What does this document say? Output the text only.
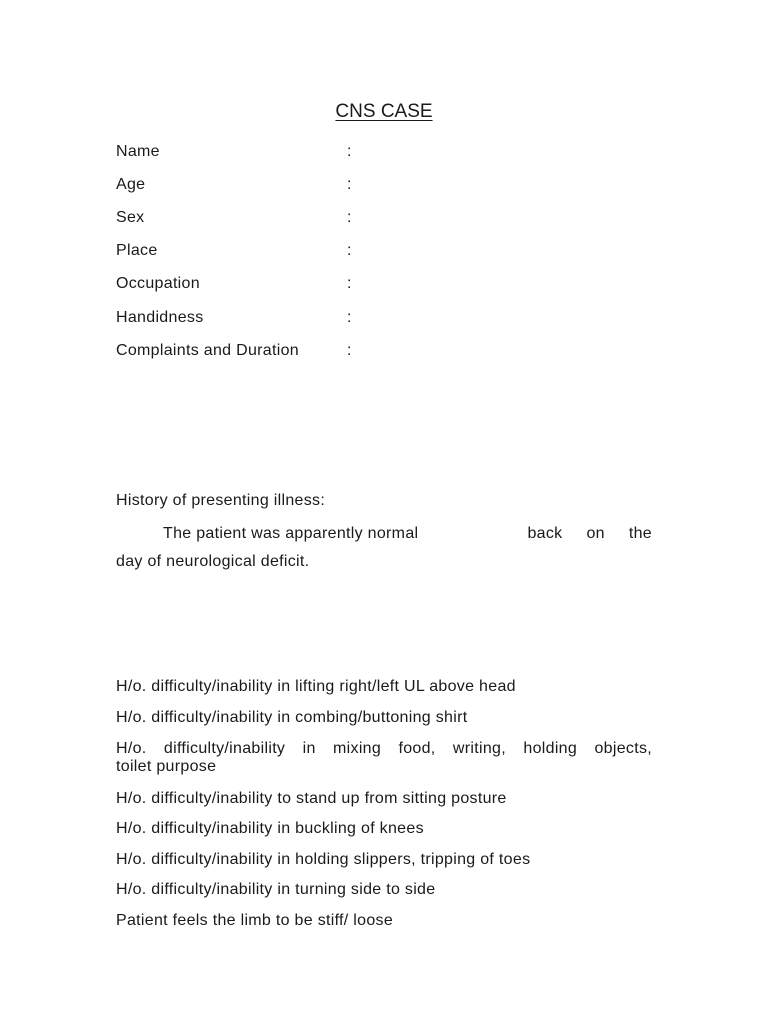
CNS CASE
Name	:
Age	:
Sex	:
Place	:
Occupation	:
Handidness	:
Complaints and Duration	:
History of presenting illness:
The patient was apparently normal	back on the
day of neurological deficit.
H/o. difficulty/inability in lifting right/left UL above head
H/o. difficulty/inability in combing/buttoning shirt
H/o. difficulty/inability in mixing food, writing, holding objects,
toilet purpose
H/o. difficulty/inability to stand up from sitting posture
H/o. difficulty/inability in buckling of knees
H/o. difficulty/inability in holding slippers, tripping of toes
H/o. difficulty/inability in turning side to side
Patient feels the limb to be stiff/ loose
